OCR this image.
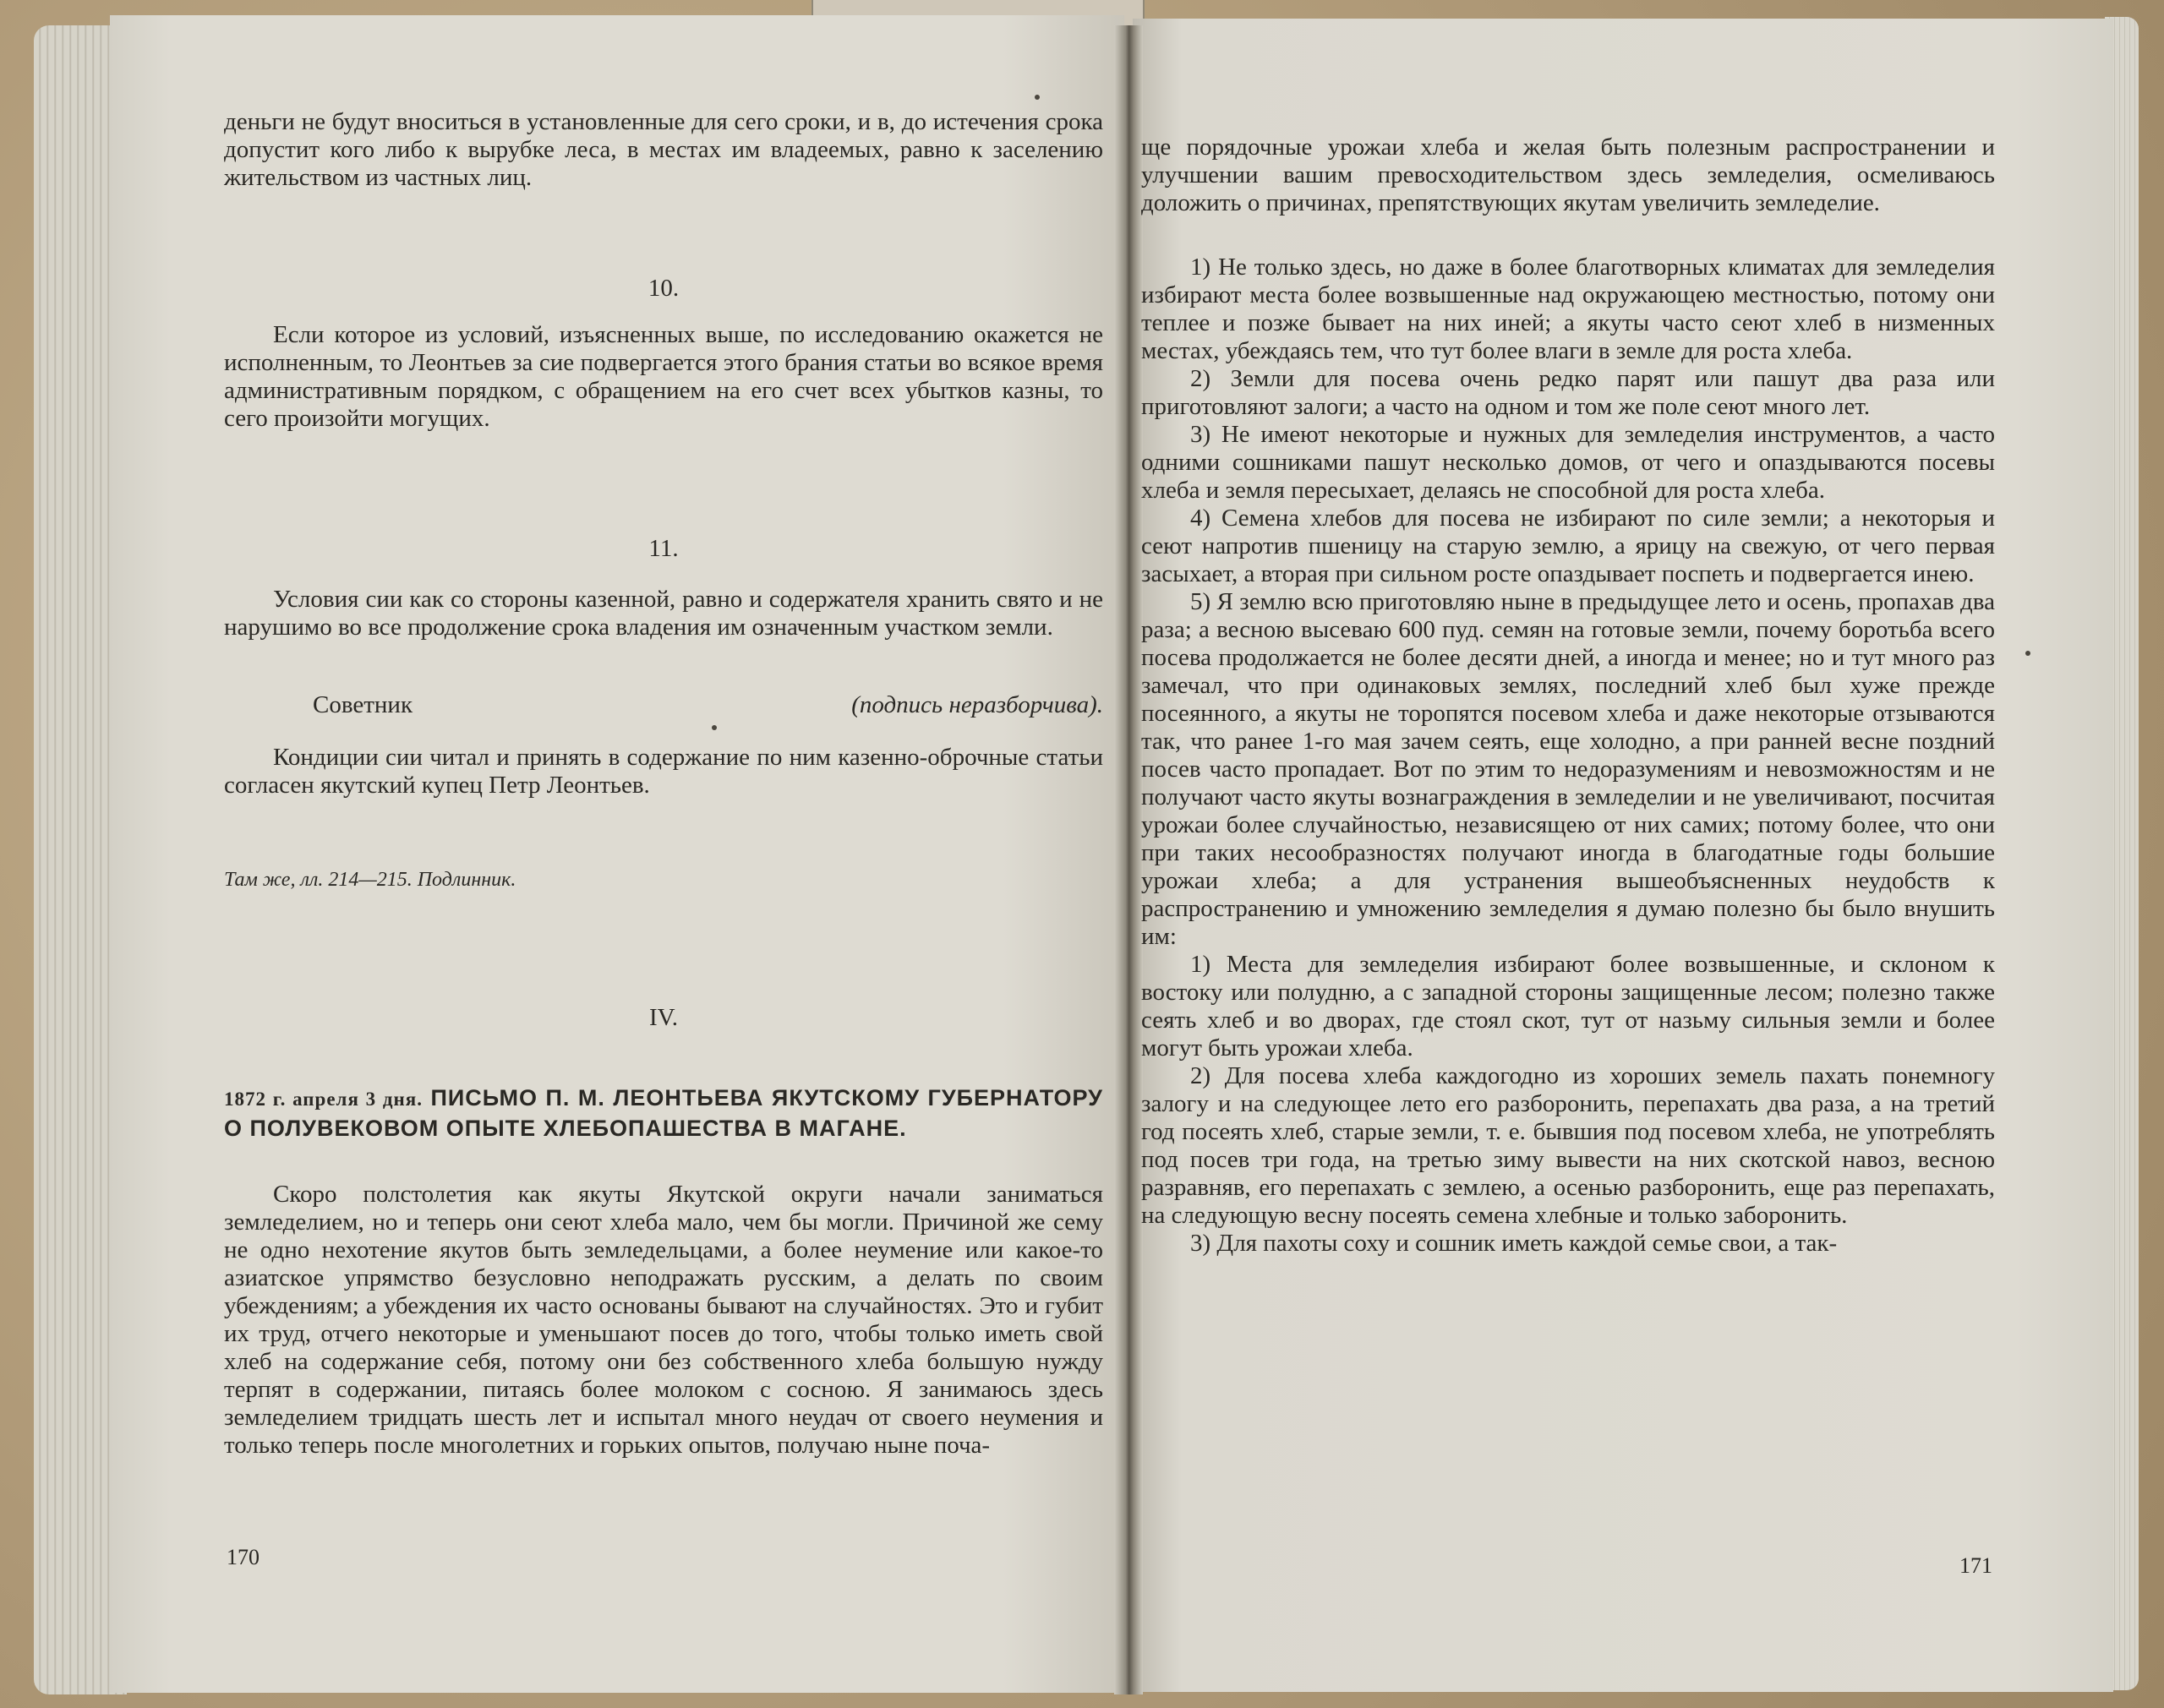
деньги не будут вноситься в установленные для сего сроки, и в, до истечения срока допустит кого либо к вырубке леса, в местах им владеемых, равно к заселению жительством из частных лиц.

10.

Если которое из условий, изъясненных выше, по исследованию окажется не исполненным, то Леонтьев за сие подвергается этого брания статьи во всякое время административным порядком, с обращением на его счет всех убытков казны, то сего произойти могущих.

11.

Условия сии как со стороны казенной, равно и содержателя хранить свято и не нарушимо во все продолжение срока владения им означенным участком земли.

Советник	(подпись неразборчива).

Кондиции сии читал и принять в содержание по ним казенно-оброчные статьи согласен якутский купец Петр Леонтьев.

Там же, лл. 214—215. Подлинник.

IV.

1872 г. апреля 3 дня. ПИСЬМО П. М. ЛЕОНТЬЕВА ЯКУТСКОМУ ГУБЕРНАТОРУ О ПОЛУВЕКОВОМ ОПЫТЕ ХЛЕБОПАШЕСТВА В МАГАНЕ.

Скоро полстолетия как якуты Якутской округи начали заниматься земледелием, но и теперь они сеют хлеба мало, чем бы могли. Причиной же сему не одно нехотение якутов быть земледельцами, а более неумение или какое-то азиатское упрямство безусловно неподражать русским, а делать по своим убеждениям; а убеждения их часто основаны бывают на случайностях. Это и губит их труд, отчего некоторые и уменьшают посев до того, чтобы только иметь свой хлеб на содержание себя, потому они без собственного хлеба большую нужду терпят в содержании, питаясь более молоком с сосною. Я занимаюсь здесь земледелием тридцать шесть лет и испытал много неудач от своего неумения и только теперь после многолетних и горьких опытов, получаю ныне поча-

170

ще порядочные урожаи хлеба и желая быть полезным распространении и улучшении вашим превосходительством здесь земледелия, осмеливаюсь доложить о причинах, препятствующих якутам увеличить земледелие.

1) Не только здесь, но даже в более благотворных климатах для земледелия избирают места более возвышенные над окружающею местностью, потому они теплее и позже бывает на них иней; а якуты часто сеют хлеб в низменных местах, убеждаясь тем, что тут более влаги в земле для роста хлеба.

2) Земли для посева очень редко парят или пашут два раза или приготовляют залоги; а часто на одном и том же поле сеют много лет.

3) Не имеют некоторые и нужных для земледелия инструментов, а часто одними сошниками пашут несколько домов, от чего и опаздываются посевы хлеба и земля пересыхает, делаясь не способной для роста хлеба.

4) Семена хлебов для посева не избирают по силе земли; а некоторыя и сеют напротив пшеницу на старую землю, а ярицу на свежую, от чего первая засыхает, а вторая при сильном росте опаздывает поспеть и подвергается инею.

5) Я землю всю приготовляю ныне в предыдущее лето и осень, пропахав два раза; а весною высеваю 600 пуд. семян на готовые земли, почему боротьба всего посева продолжается не более десяти дней, а иногда и менее; но и тут много раз замечал, что при одинаковых землях, последний хлеб был хуже прежде посеянного, а якуты не торопятся посевом хлеба и даже некоторые отзываются так, что ранее 1-го мая зачем сеять, еще холодно, а при ранней весне поздний посев часто пропадает. Вот по этим то недоразумениям и невозможностям и не получают часто якуты вознаграждения в земледелии и не увеличивают, посчитая урожаи более случайностью, независящею от них самих; потому более, что они при таких несообразностях получают иногда в благодатные годы большие урожаи хлеба; а для устранения вышеобъясненных неудобств к распространению и умножению земледелия я думаю полезно бы было внушить им:

1) Места для земледелия избирают более возвышенные, и склоном к востоку или полудню, а с западной стороны защищенные лесом; полезно также сеять хлеб и во дворах, где стоял скот, тут от назьму сильныя земли и более могут быть урожаи хлеба.

2) Для посева хлеба каждогодно из хороших земель пахать понемногу залогу и на следующее лето его разборонить, перепахать два раза, а на третий год посеять хлеб, старые земли, т. е. бывшия под посевом хлеба, не употреблять под посев три года, на третью зиму вывести на них скотской навоз, весною разравняв, его перепахать с землею, а осенью разборонить, еще раз перепахать, на следующую весну посеять семена хлебные и только заборонить.

3) Для пахоты соху и сошник иметь каждой семье свои, а так-

171
